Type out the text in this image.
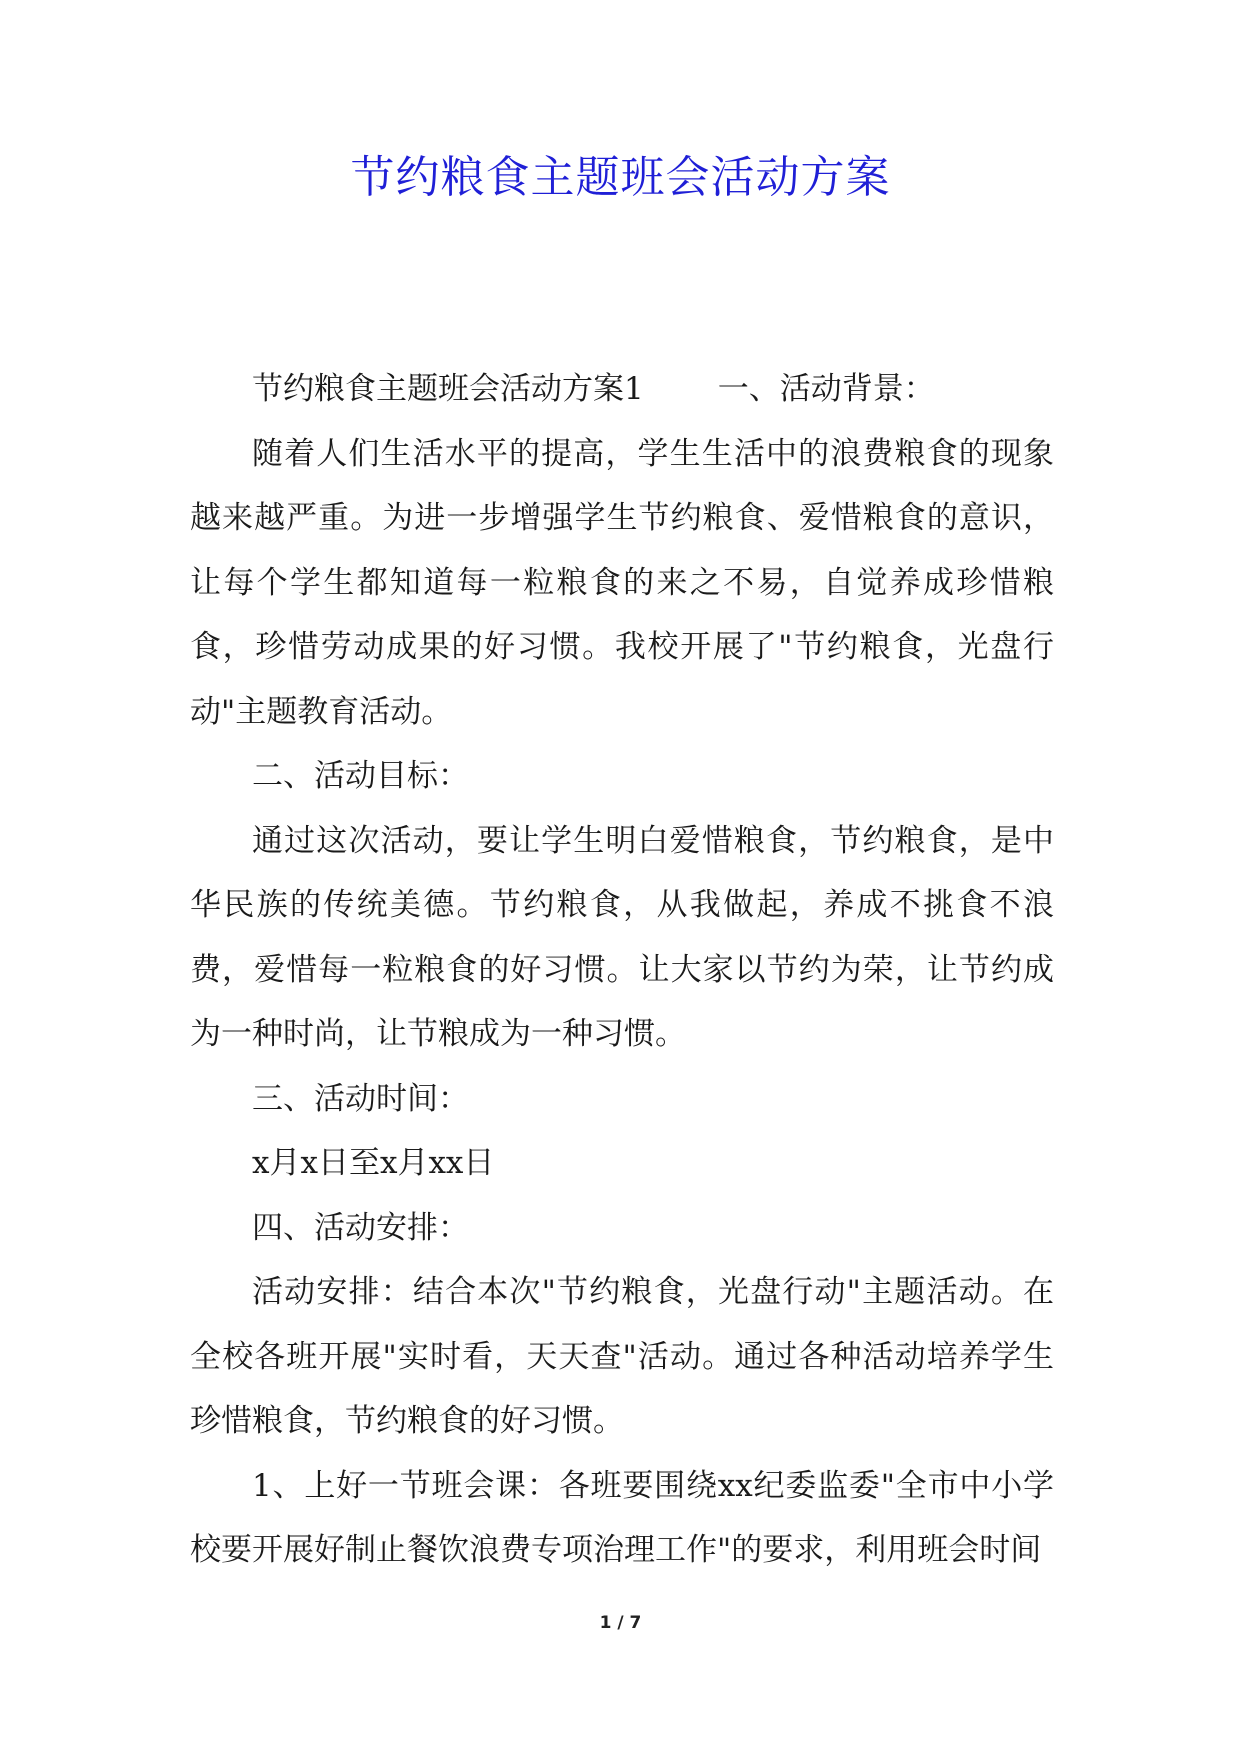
节约粮食主题班会活动方案

节约粮食主题班会活动方案1 一、活动背景：

随着人们生活水平的提高，学生生活中的浪费粮食的现象越来越严重。为进一步增强学生节约粮食、爱惜粮食的意识，让每个学生都知道每一粒粮食的来之不易，自觉养成珍惜粮食，珍惜劳动成果的好习惯。我校开展了"节约粮食，光盘行动"主题教育活动。

二、活动目标：

通过这次活动，要让学生明白爱惜粮食，节约粮食，是中华民族的传统美德。节约粮食，从我做起，养成不挑食不浪费，爱惜每一粒粮食的好习惯。让大家以节约为荣，让节约成为一种时尚，让节粮成为一种习惯。

三、活动时间：

x月x日至x月xx日

四、活动安排：

活动安排：结合本次"节约粮食，光盘行动"主题活动。在全校各班开展"实时看，天天查"活动。通过各种活动培养学生珍惜粮食，节约粮食的好习惯。

1、上好一节班会课：各班要围绕xx纪委监委"全市中小学校要开展好制止餐饮浪费专项治理工作"的要求，利用班会时间

1 / 7
